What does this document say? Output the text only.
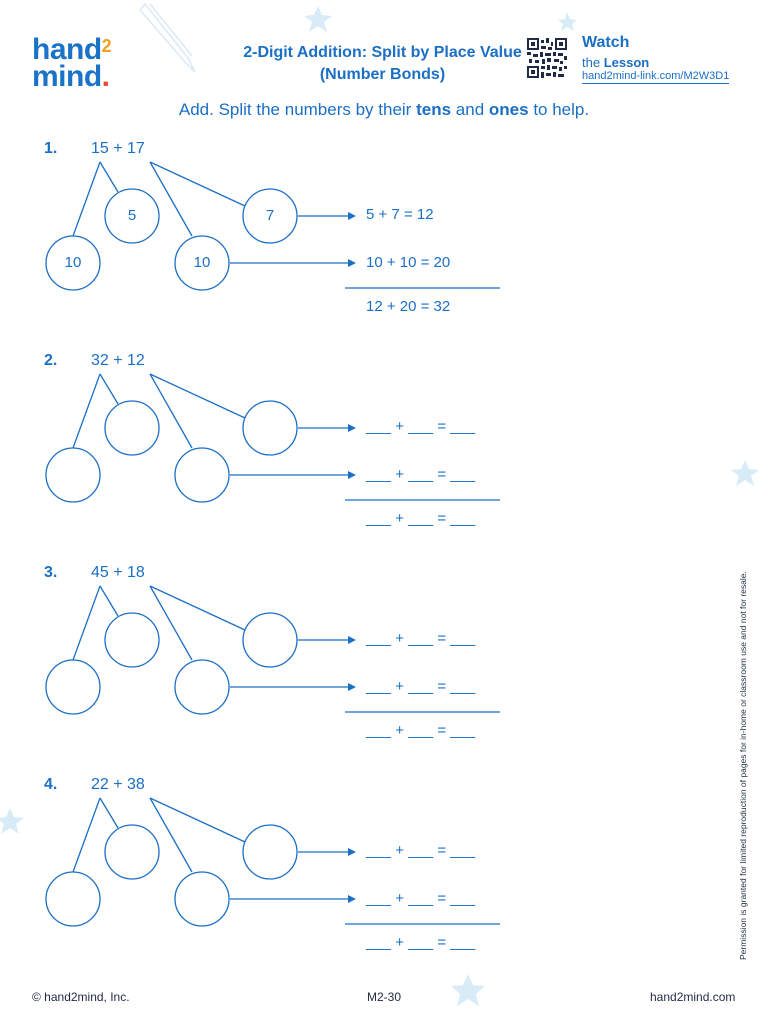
hand$^2$
mind.
2-Digit Addition: Split by Place Value (Number Bonds)
Watch
the Lesson
hand2mind-link.com/M2W3D1
Add. Split the numbers by their tens and ones to help.
1. 15 + 17
5	7
10	10
5 + 7 = 12
10 + 10 = 20
12 + 20 = 32
2. 32 + 12
___ + ___ = ___
___ + ___ = ___
___ + ___ = ___
3. 45 + 18
___ + ___ = ___
___ + ___ = ___
___ + ___ = ___
4. 22 + 38
___ + ___ = ___
___ + ___ = ___
___ + ___ = ___
© hand2mind, Inc.	M2-30	hand2mind.com
Permission is granted for limited reproduction of pages for in-home or classroom use and not for resale.
